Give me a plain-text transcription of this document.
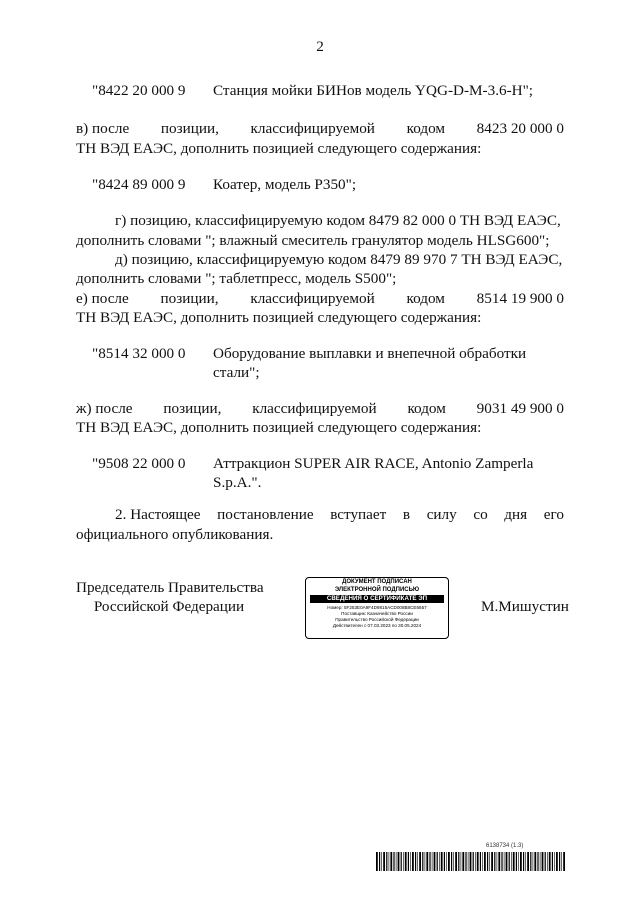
2
"8422 20 000 9 Станция мойки БИНов модель YQG-D-M-3.6-H";
в) после позиции, классифицируемой кодом 8423 20 000 0
ТН ВЭД ЕАЭС, дополнить позицией следующего содержания:
"8424 89 000 9 Коатер, модель P350";
г) позицию, классифицируемую кодом 8479 82 000 0 ТН ВЭД ЕАЭС,
дополнить словами "; влажный смеситель гранулятор модель HLSG600";
д) позицию, классифицируемую кодом 8479 89 970 7 ТН ВЭД ЕАЭС,
дополнить словами "; таблетпресс, модель S500";
е) после позиции, классифицируемой кодом 8514 19 900 0
ТН ВЭД ЕАЭС, дополнить позицией следующего содержания:
"8514 32 000 0 Оборудование выплавки и внепечной обработки
стали";
ж) после позиции, классифицируемой кодом 9031 49 900 0
ТН ВЭД ЕАЭС, дополнить позицией следующего содержания:
"9508 22 000 0 Аттракцион SUPER AIR RACE, Antonio Zamperla
S.p.A.".
2. Настоящее постановление вступает в силу со дня его
официального опубликования.
Председатель Правительства
Российской Федерации
ДОКУМЕНТ ПОДПИСАН
ЭЛЕКТРОННОЙ ПОДПИСЬЮ
СВЕДЕНИЯ О СЕРТИФИКАТЕ ЭП
Номер: 5F253E0A9F4D9815ACD008B8CE6657
Поставщик: Казначейство России
Правительство Российской Федерации
Действителен с 07.03.2023 по 30.05.2024
М.Мишустин
6138734 (1.3)
